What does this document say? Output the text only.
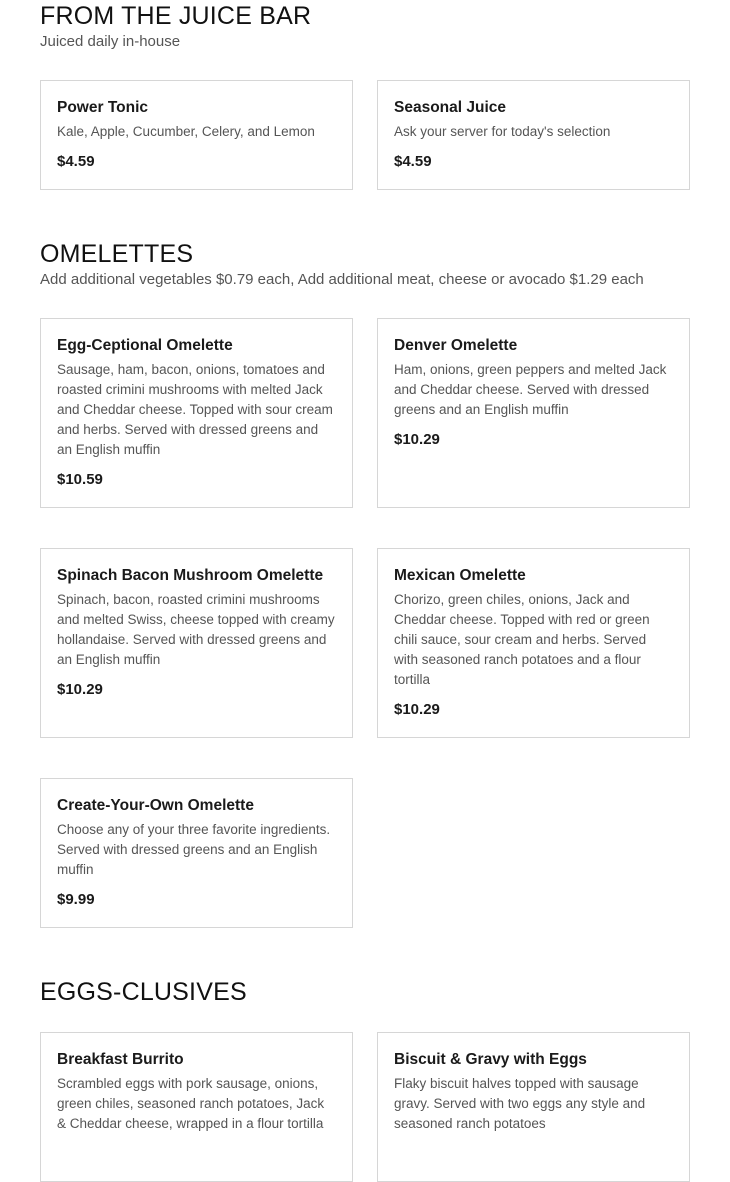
FROM THE JUICE BAR

Juiced daily in-house

Power Tonic

Kale, Apple, Cucumber, Celery, and Lemon

$4.59

Seasonal Juice

Ask your server for today's selection

$4.59

OMELETTES

Add additional vegetables $0.79 each, Add additional meat, cheese or avocado $1.29 each

Egg-Ceptional Omelette

Sausage, ham, bacon, onions, tomatoes and roasted crimini mushrooms with melted Jack and Cheddar cheese. Topped with sour cream and herbs. Served with dressed greens and an English muffin

$10.59

Denver Omelette

Ham, onions, green peppers and melted Jack and Cheddar cheese. Served with dressed greens and an English muffin

$10.29

Spinach Bacon Mushroom Omelette

Spinach, bacon, roasted crimini mushrooms and melted Swiss, cheese topped with creamy hollandaise. Served with dressed greens and an English muffin

$10.29

Mexican Omelette

Chorizo, green chiles, onions, Jack and Cheddar cheese. Topped with red or green chili sauce, sour cream and herbs. Served with seasoned ranch potatoes and a flour tortilla

$10.29

Create-Your-Own Omelette

Choose any of your three favorite ingredients. Served with dressed greens and an English muffin

$9.99

EGGS-CLUSIVES
Breakfast Burrito

Scrambled eggs with pork sausage, onions, green chiles, seasoned ranch potatoes, Jack & Cheddar cheese, wrapped in a flour tortilla

Biscuit & Gravy with Eggs

Flaky biscuit halves topped with sausage gravy. Served with two eggs any style and seasoned ranch potatoes
